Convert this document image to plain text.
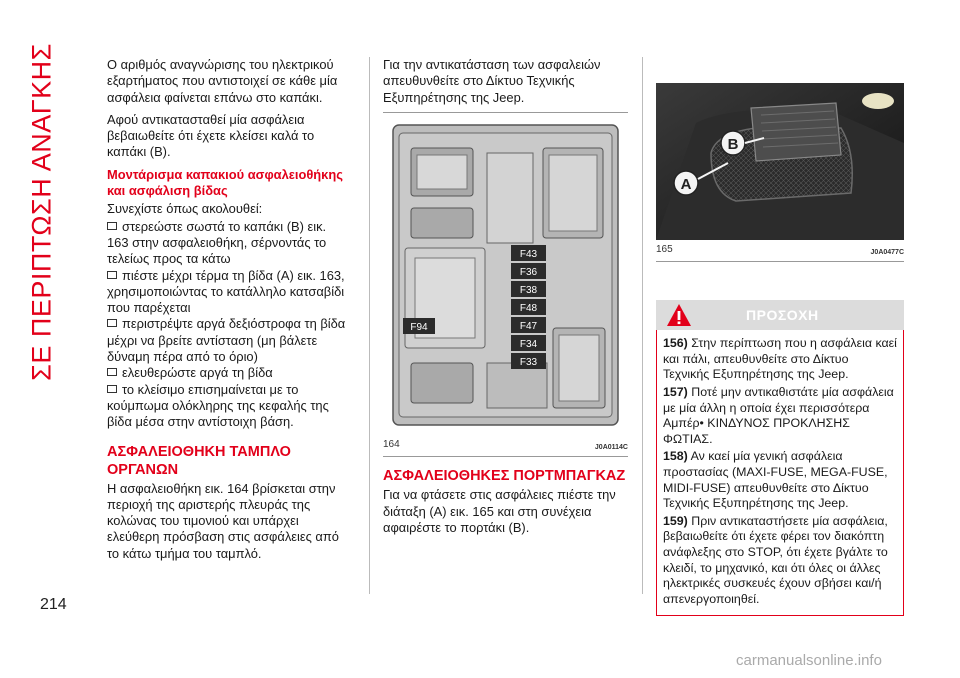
ΣΕ ΠΕΡΙΠΤΩΣΗ ΑΝΑΓΚΗΣ
214

Ο αριθμός αναγνώρισης του ηλεκτρικού εξαρτήματος που αντιστοιχεί σε κάθε μία ασφάλεια φαίνεται επάνω στο καπάκι.

Αφού αντικατασταθεί μία ασφάλεια βεβαιωθείτε ότι έχετε κλείσει καλά το καπάκι (B).

Μοντάρισμα καπακιού ασφαλειοθήκης και ασφάλιση βίδας
Συνεχίστε όπως ακολουθεί:
στερεώστε σωστά το καπάκι (B) εικ. 163 στην ασφαλειοθήκη, σέρνοντάς το τελείως προς τα κάτω
πιέστε μέχρι τέρμα τη βίδα (A) εικ. 163, χρησιμοποιώντας το κατάλληλο κατσαβίδι που παρέχεται
περιστρέψτε αργά δεξιόστροφα τη βίδα μέχρι να βρείτε αντίσταση (μη βάλετε δύναμη πέρα από το όριο)
ελευθερώστε αργά τη βίδα
το κλείσιμο επισημαίνεται με το κούμπωμα ολόκληρης της κεφαλής της βίδα μέσα στην αντίστοιχη βάση.
ΑΣΦΑΛΕΙΟΘΗΚΗ ΤΑΜΠΛΟ ΟΡΓΑΝΩΝ

Η ασφαλειοθήκη εικ. 164 βρίσκεται στην περιοχή της αριστερής πλευράς της κολώνας του τιμονιού και υπάρχει ελεύθερη πρόσβαση στις ασφάλειες από το κάτω τμήμα του ταμπλό.

Για την αντικατάσταση των ασφαλειών απευθυνθείτε στο Δίκτυο Τεχνικής Εξυπηρέτησης της Jeep.

F43
F36
F38
F48
F47
F34
F33
F94
164	J0A0114C
ΑΣΦΑΛΕΙΟΘΗΚΕΣ ΠΟΡΤΜΠΑΓΚΑΖ

Για να φτάσετε στις ασφάλειες πιέστε την διάταξη (A) εικ. 165 και στη συνέχεια αφαιρέστε το πορτάκι (B).

A
B
165	J0A0477C
ΠΡΟΣΟΧΗ

156) Στην περίπτωση που η ασφάλεια καεί και πάλι, απευθυνθείτε στο Δίκτυο Τεχνικής Εξυπηρέτησης της Jeep.

157) Ποτέ μην αντικαθιστάτε μία ασφάλεια με μία άλλη η οποία έχει περισσότερα Αμπέρ• ΚΙΝΔΥΝΟΣ ΠΡΟΚΛΗΣΗΣ ΦΩΤΙΑΣ.

158) Αν καεί μία γενική ασφάλεια προστασίας (MAXI-FUSE, MEGA-FUSE, MIDI-FUSE) απευθυνθείτε στο Δίκτυο Τεχνικής Εξυπηρέτησης της Jeep.

159) Πριν αντικαταστήσετε μία ασφάλεια, βεβαιωθείτε ότι έχετε φέρει τον διακόπτη ανάφλεξης στο STOP, ότι έχετε βγάλτε το κλειδί, το μηχανικό, και ότι όλες οι άλλες ηλεκτρικές συσκευές έχουν σβήσει και/ή απενεργοποιηθεί.

carmanualsonline.info
